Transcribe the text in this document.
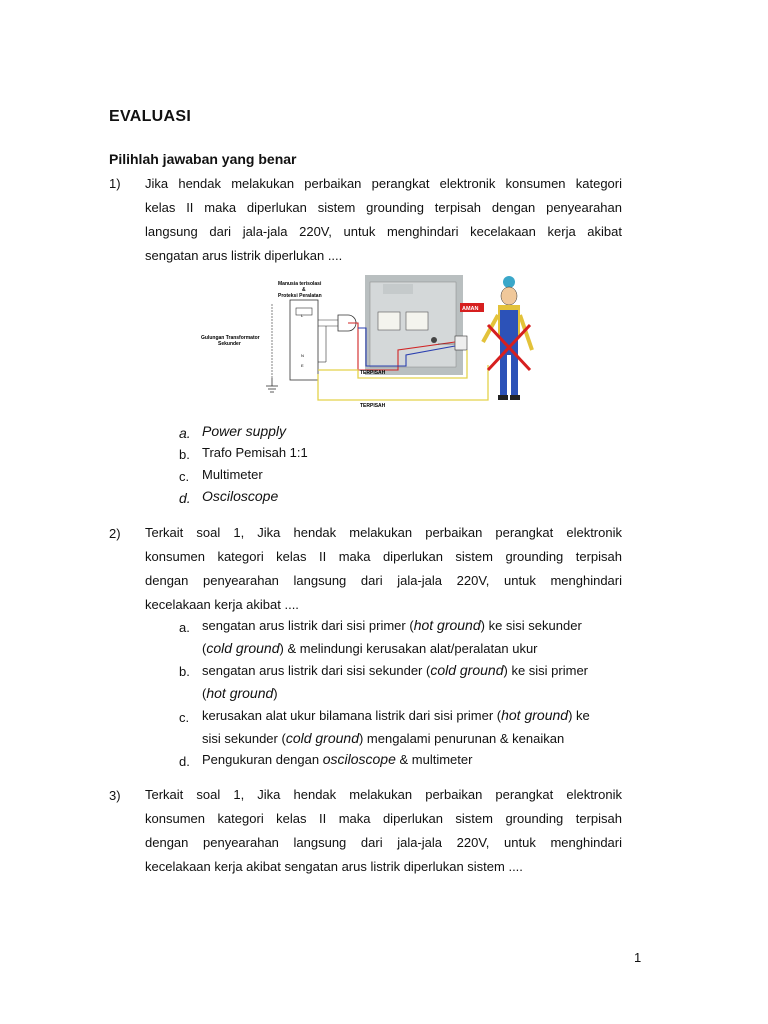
EVALUASI
Pilihlah jawaban yang benar
1) Jika hendak melakukan perbaikan perangkat elektronik konsumen kategori
kelas II maka diperlukan sistem grounding terpisah dengan penyearahan
langsung dari jala-jala 220V, untuk menghindari kecelakaan kerja akibat
sengatan arus listrik diperlukan ....
AMAN
Manusia terisolasi
&
Proteksi Peralatan
Gulungan Transformator
Sekunder
L
N
E
TERPISAH
TERPISAH
a. Power supply
b. Trafo Pemisah 1:1
c. Multimeter
d. Osciloscope
2) Terkait soal 1, Jika hendak melakukan perbaikan perangkat elektronik
konsumen kategori kelas II maka diperlukan sistem grounding terpisah
dengan penyearahan langsung dari jala-jala 220V, untuk menghindari
kecelakaan kerja akibat ....
a. sengatan arus listrik dari sisi primer (hot ground) ke sisi sekunder
(cold ground) & melindungi kerusakan alat/peralatan ukur
b. sengatan arus listrik dari sisi sekunder (cold ground) ke sisi primer
(hot ground)
c. kerusakan alat ukur bilamana listrik dari sisi primer (hot ground) ke
sisi sekunder (cold ground) mengalami penurunan & kenaikan
d. Pengukuran dengan osciloscope & multimeter
3) Terkait soal 1, Jika hendak melakukan perbaikan perangkat elektronik
konsumen kategori kelas II maka diperlukan sistem grounding terpisah
dengan penyearahan langsung dari jala-jala 220V, untuk menghindari
kecelakaan kerja akibat sengatan arus listrik diperlukan sistem ....
1
